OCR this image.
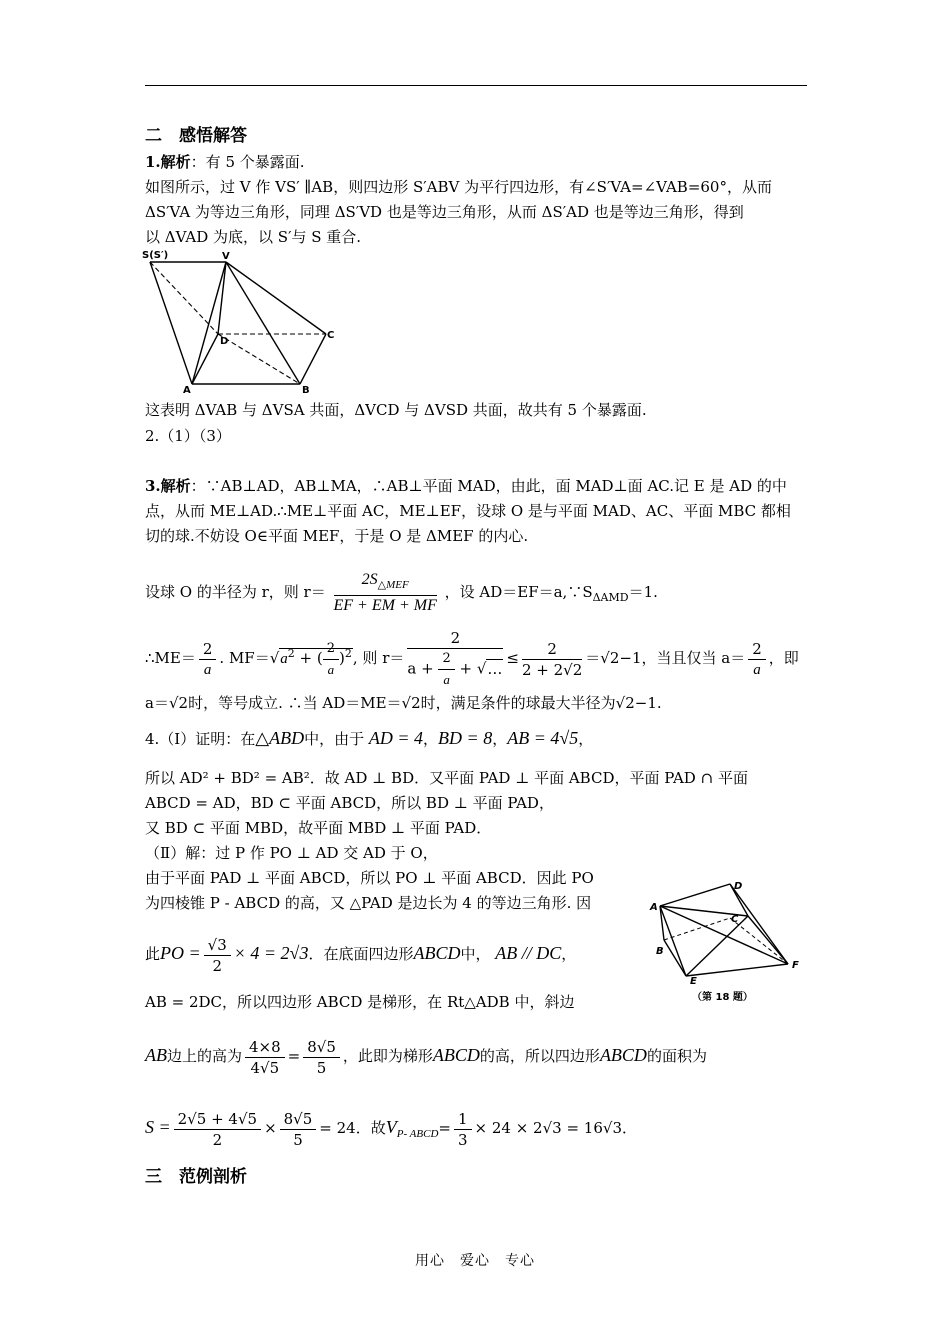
二　感悟解答
1.解析：有 5 个暴露面.
如图所示，过 V 作 VS′ ∥AB，则四边形 S′ABV 为平行四边形，有∠S′VA=∠VAB=60°，从而
ΔS′VA 为等边三角形，同理 ΔS′VD 也是等边三角形，从而 ΔS′AD 也是等边三角形，得到
以 ΔVAD 为底，以 S′与 S 重合.
S(S′)	V
C
D
A	B
这表明 ΔVAB 与 ΔVSA 共面，ΔVCD 与 ΔVSD 共面，故共有 5 个暴露面.
2.（1）（3）
3.解析：∵AB⊥AD，AB⊥MA，∴AB⊥平面 MAD，由此，面 MAD⊥面 AC.记 E 是 AD 的中
点，从而 ME⊥AD.∴ME⊥平面 AC，ME⊥EF，设球 O 是与平面 MAD、AC、平面 MBC 都相
切的球.不妨设 O∈平面 MEF，于是 O 是 ΔMEF 的内心.
设球 O 的半径为 r，则 $r= \frac{2S_{\triangle MEF}}{EF + EM + MF}$ ，设 $AD=EF=a,\because S_{\Delta AMD}=1$.
∴ME＝ $\frac{2}{a}$ . $MF=√a^2$ + ( $\frac{2}{a} )^2$, 则 $r= \frac{2}{a + \frac{2}{a} + √\dots} \le \frac{2}{2 + 2√2} =√2-1$，当且仅当 $a= \frac{2}{a}$ ，即
a＝√2时，等号成立. ∴当 AD＝ME＝√2时，满足条件的球最大半径为√2−1.
4.（Ⅰ）证明：在△ABD中，由于 AD = 4，BD = 8，AB = 4√5，
所以 AD² + BD² = AB²．故 AD ⊥ BD．又平面 PAD ⊥ 平面 ABCD，平面 PAD ∩ 平面
ABCD = AD，BD ⊂ 平面 ABCD，所以 BD ⊥ 平面 PAD，
又 BD ⊂ 平面 MBD，故平面 MBD ⊥ 平面 PAD．
（Ⅱ）解：过 P 作 PO ⊥ AD 交 AD 于 O，
由于平面 PAD ⊥ 平面 ABCD，所以 PO ⊥ 平面 ABCD．因此 PO
为四棱锥 P - ABCD 的高，又 △PAD 是边长为 4 的等边三角形. 因
此PO = $\frac{√3}{2} \times 4 = 2√3$．在底面四边形ABCD中， AB // DC，
AB = 2DC，所以四边形 ABCD 是梯形，在 Rt△ADB 中，斜边
AB边上的高为 $\frac{4\times 8}{4√5} = \frac{8√5}{5}$ ，此即为梯形ABCD的高，所以四边形ABCD的面积为
$S = \frac{2√5 + 4√5}{2} \times \frac{8√5}{5} = 24$．故$V_{P- ABCD}= \frac{1}{3} \times 24 \times 2√3 = 16√3$．
D
A
C
B
E
F
（第 18 题）
三　范例剖析
用心　爱心　专心
